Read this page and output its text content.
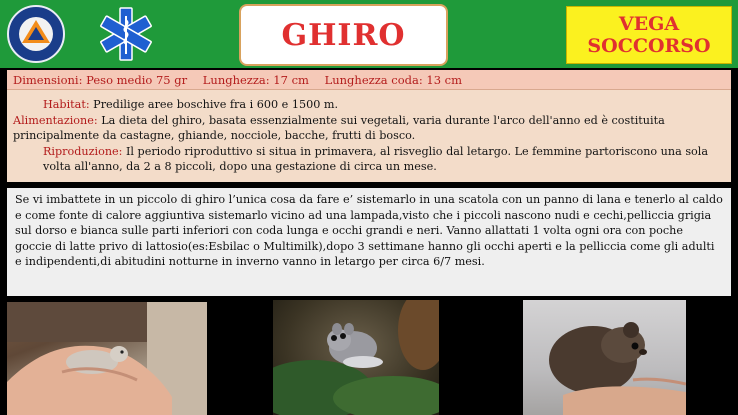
GHIRO	VEGA
SOCCORSO
Dimensioni: Peso medio 75 gr Lunghezza: 17 cm Lunghezza coda: 13 cm
Habitat: Predilige aree boschive fra i 600 e 1500 m.
Alimentazione: La dieta del ghiro, basata essenzialmente sui vegetali, varia durante l'arco dell'anno ed è costituita principalmente da castagne, ghiande, nocciole, bacche, frutti di bosco.
Riproduzione: Il periodo riproduttivo si situa in primavera, al risveglio dal letargo. Le femmine partoriscono una sola volta all'anno, da 2 a 8 piccoli, dopo una gestazione di circa un mese.
Se vi imbattete in un piccolo di ghiro l’unica cosa da fare e’ sistemarlo in una scatola con un panno di lana e tenerlo al caldo e come fonte di calore aggiuntiva sistemarlo vicino ad una lampada,visto che i piccoli nascono nudi e cechi,pelliccia grigia sul dorso e bianca sulle parti inferiori con coda lunga e occhi grandi e neri. Vanno allattati 1 volta ogni ora con poche goccie di latte privo di lattosio(es:Esbilac o Multimilk),dopo 3 settimane hanno gli occhi aperti e la pelliccia come gli adulti e indipendenti,di abitudini notturne in inverno vanno in letargo per circa 6/7 mesi.
